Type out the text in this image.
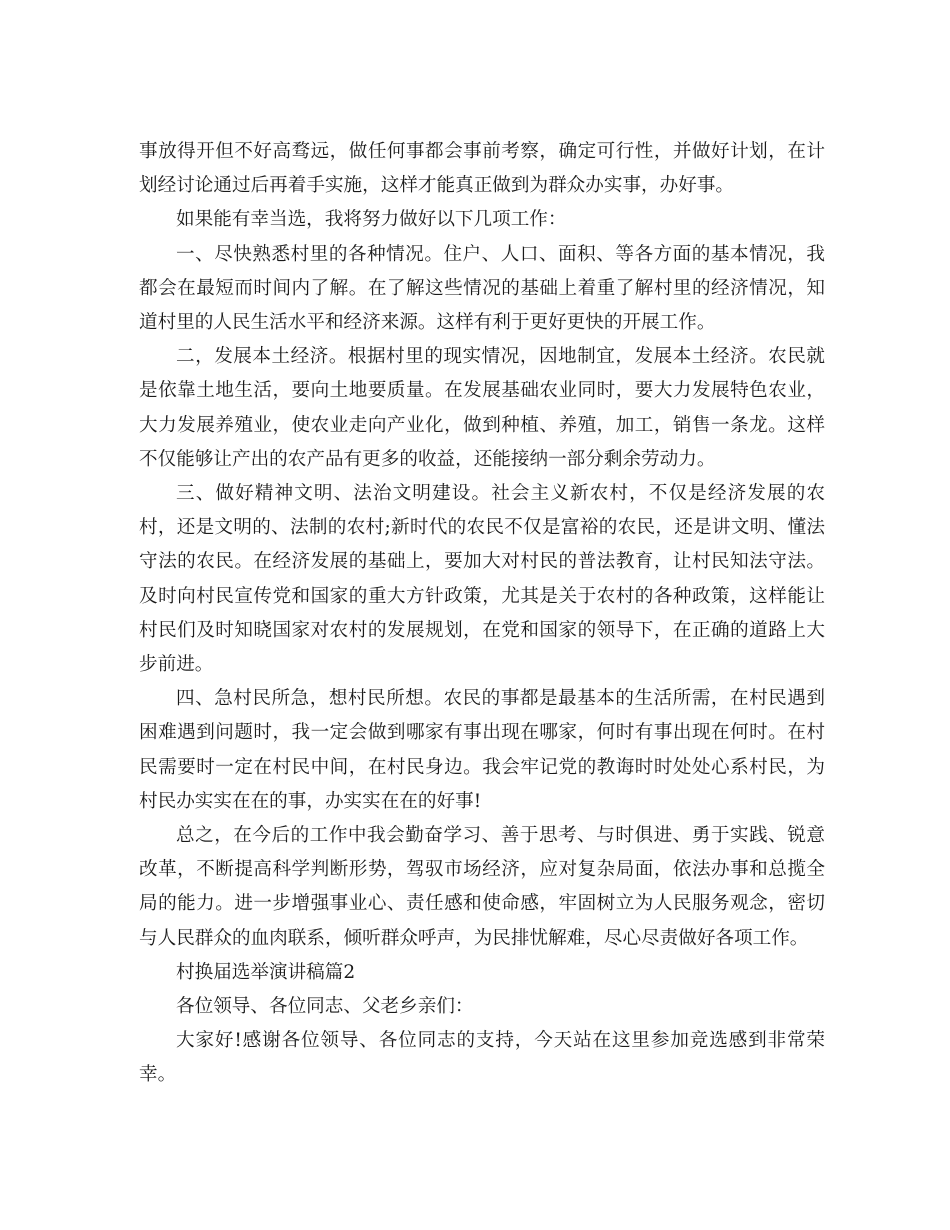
事放得开但不好高骛远，做任何事都会事前考察，确定可行性，并做好计划，在计划经讨论通过后再着手实施，这样才能真正做到为群众办实事，办好事。

如果能有幸当选，我将努力做好以下几项工作：

一、尽快熟悉村里的各种情况。住户、人口、面积、等各方面的基本情况，我都会在最短而时间内了解。在了解这些情况的基础上着重了解村里的经济情况，知道村里的人民生活水平和经济来源。这样有利于更好更快的开展工作。

二，发展本土经济。根据村里的现实情况，因地制宜，发展本土经济。农民就是依靠土地生活，要向土地要质量。在发展基础农业同时，要大力发展特色农业，大力发展养殖业，使农业走向产业化，做到种植、养殖，加工，销售一条龙。这样不仅能够让产出的农产品有更多的收益，还能接纳一部分剩余劳动力。

三、做好精神文明、法治文明建设。社会主义新农村，不仅是经济发展的农村，还是文明的、法制的农村;新时代的农民不仅是富裕的农民，还是讲文明、懂法守法的农民。在经济发展的基础上，要加大对村民的普法教育，让村民知法守法。及时向村民宣传党和国家的重大方针政策，尤其是关于农村的各种政策，这样能让村民们及时知晓国家对农村的发展规划，在党和国家的领导下，在正确的道路上大步前进。

四、急村民所急，想村民所想。农民的事都是最基本的生活所需，在村民遇到困难遇到问题时，我一定会做到哪家有事出现在哪家，何时有事出现在何时。在村民需要时一定在村民中间，在村民身边。我会牢记党的教诲时时处处心系村民，为村民办实实在在的事，办实实在在的好事!

总之，在今后的工作中我会勤奋学习、善于思考、与时俱进、勇于实践、锐意改革，不断提高科学判断形势，驾驭市场经济，应对复杂局面，依法办事和总揽全局的能力。进一步增强事业心、责任感和使命感，牢固树立为人民服务观念，密切与人民群众的血肉联系，倾听群众呼声，为民排忧解难，尽心尽责做好各项工作。

村换届选举演讲稿篇2

各位领导、各位同志、父老乡亲们：

大家好!感谢各位领导、各位同志的支持，今天站在这里参加竞选感到非常荣幸。
